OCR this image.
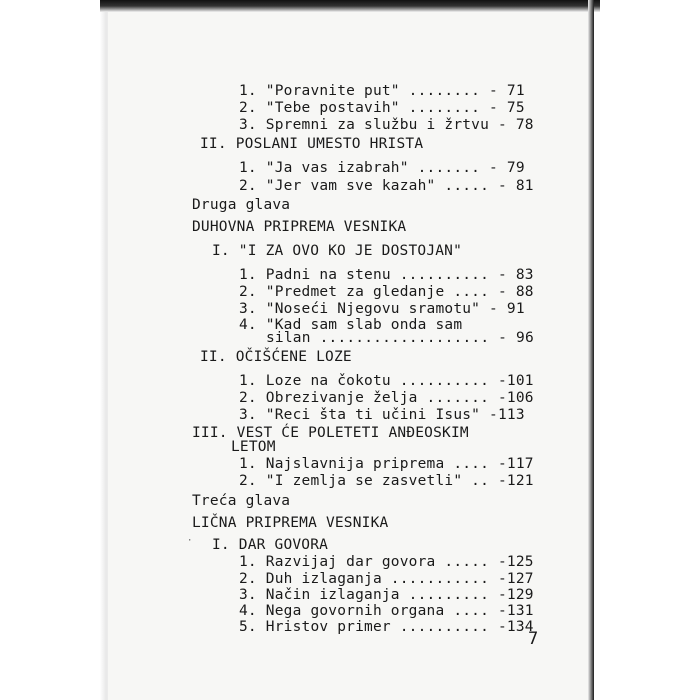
1. "Poravnite put" ........ - 71
2. "Tebe postavih" ........ - 75
3. Spremni za službu i žrtvu - 78
II. POSLANI UMESTO HRISTA
1. "Ja vas izabrah" ....... - 79
2. "Jer vam sve kazah" ..... - 81
Druga glava
DUHOVNA PRIPREMA VESNIKA
I. "I ZA OVO KO JE DOSTOJAN"
1. Padni na stenu .......... - 83
2. "Predmet za gledanje .... - 88
3. "Noseći Njegovu sramotu" - 91
4. "Kad sam slab onda sam
silan ................... - 96
II. OČIŠĆENE LOZE
1. Loze na čokotu .......... -101
2. Obrezivanje želja ....... -106
3. "Reci šta ti učini Isus" -113
III. VEST ĆE POLETETI ANĐEOSKIM
LETOM
1. Najslavnija priprema .... -117
2. "I zemlja se zasvetli" .. -121
Treća glava
LIČNA PRIPREMA VESNIKA
I. DAR GOVORA
1. Razvijaj dar govora ..... -125
2. Duh izlaganja ........... -127
3. Način izlaganja ......... -129
4. Nega govornih organa .... -131
5. Hristov primer .......... -134
·
7
